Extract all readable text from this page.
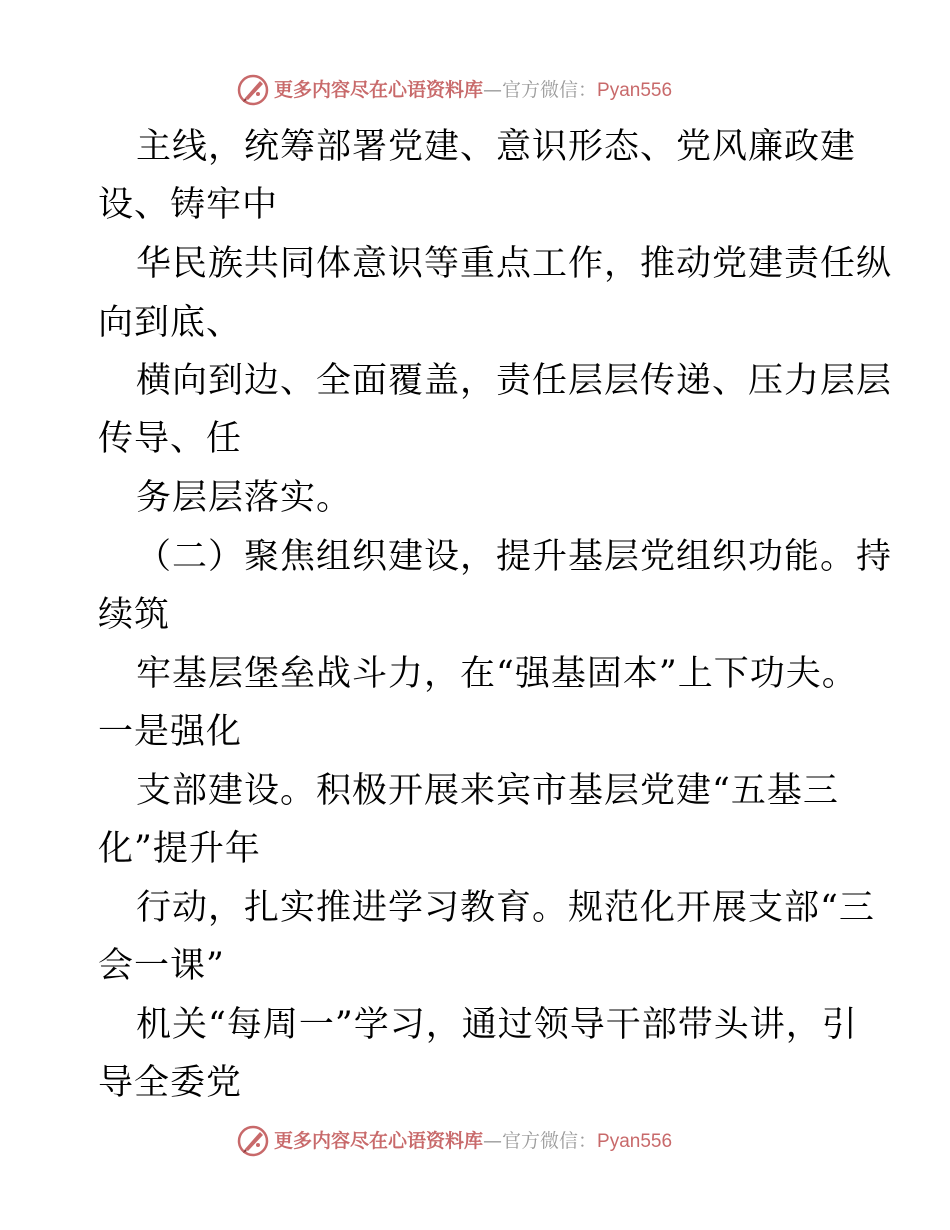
更多内容尽在心语资料库—官方微信：Pyan556
主线，统筹部署党建、意识形态、党风廉政建
设、铸牢中
华民族共同体意识等重点工作，推动党建责任纵
向到底、
横向到边、全面覆盖，责任层层传递、压力层层
传导、任
务层层落实。
（二）聚焦组织建设，提升基层党组织功能。持
续筑
牢基层堡垒战斗力，在“强基固本”上下功夫。
一是强化
支部建设。积极开展来宾市基层党建“五基三
化”提升年
行动，扎实推进学习教育。规范化开展支部“三
会一课”
机关“每周一”学习，通过领导干部带头讲，引
导全委党
更多内容尽在心语资料库—官方微信：Pyan556
